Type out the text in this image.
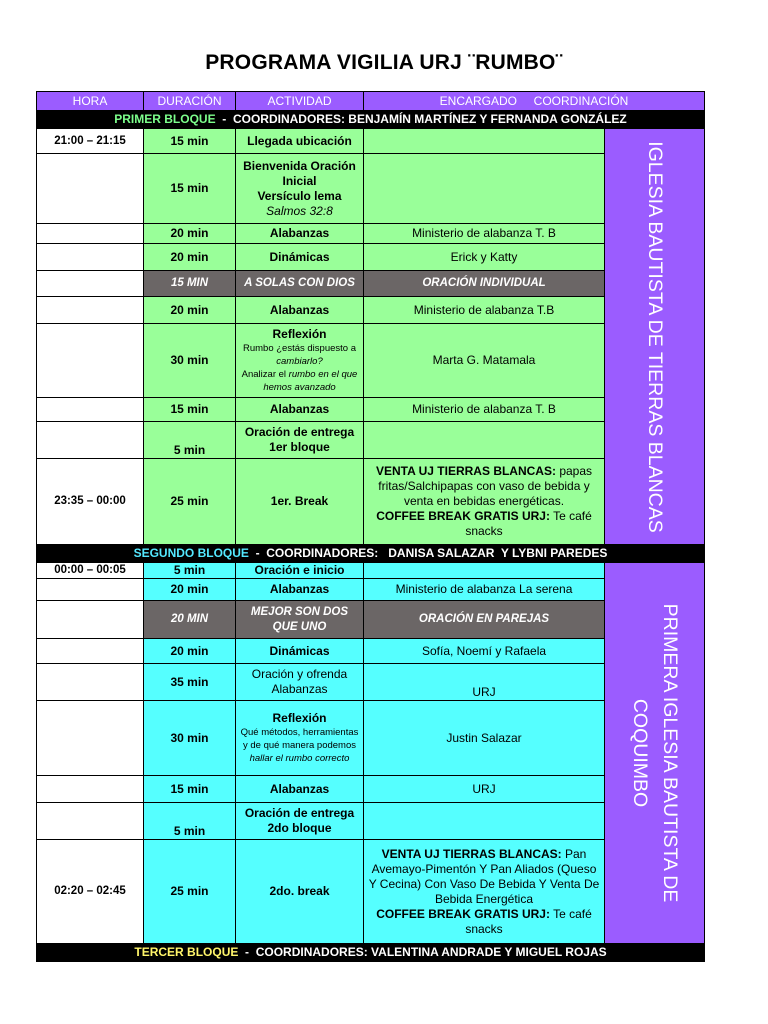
PROGRAMA VIGILIA URJ ¨RUMBO¨
HORA	DURACIÓN	ACTIVIDAD	ENCARGADO     COORDINACIÓN	
PRIMER BLOQUE  -  COORDINADORES: BENJAMÍN MARTÍNEZ Y FERNANDA GONZÁLEZ				
21:00 – 21:15	15 min	Llegada ubicación		IGLESIA BAUTISTA DE TIERRAS BLANCAS

	15 min	Bienvenida Oración Inicial
Versículo lema
Salmos 32:8		

	20 min	Alabanzas	Ministerio de alabanza T. B	
	20 min	Dinámicas	Erick y Katty	
	15 MIN	A SOLAS CON DIOS	ORACIÓN INDIVIDUAL	
	20 min	Alabanzas	Ministerio de alabanza T.B	
	30 min	Reflexión
Rumbo ¿estás dispuesto a cambiarlo?
Analizar el rumbo en el que hemos avanzado	Marta G. Matamala	
	15 min	Alabanzas	Ministerio de alabanza T. B	
	5 min	Oración de entrega
1er bloque		

23:35 – 00:00	25 min	1er. Break	VENTA UJ TIERRAS BLANCAS: papas fritas/Salchipapas con vaso de bebida y venta en bebidas energéticas.
COFFEE BREAK GRATIS URJ: Te café snacks	
SEGUNDO BLOQUE  -  COORDINADORES:   DANISA SALAZAR  Y LYBNI PAREDES				
00:00 – 00:05	5 min	Oración e inicio		PRIMERA IGLESIA BAUTISTA DE
COQUIMBO

	20 min	Alabanzas	Ministerio de alabanza La serena	
	20 MIN	MEJOR SON DOS QUE UNO	ORACIÓN EN PAREJAS	
	20 min	Dinámicas	Sofía, Noemí y Rafaela	
	35 min	Oración y ofrenda
Alabanzas	URJ	
	30 min	Reflexión
Qué métodos, herramientas y de qué manera podemos hallar el rumbo correcto	Justin Salazar	
	15 min	Alabanzas	URJ	
	5 min	Oración de entrega
2do bloque		

02:20 – 02:45	25 min	2do. break	VENTA UJ TIERRAS BLANCAS: Pan Avemayo-Pimentón Y Pan Aliados (Queso Y Cecina) Con Vaso De Bebida Y Venta De Bebida Energética
COFFEE BREAK GRATIS URJ: Te café snacks	
TERCER BLOQUE  -  COORDINADORES: VALENTINA ANDRADE Y MIGUEL ROJAS				
